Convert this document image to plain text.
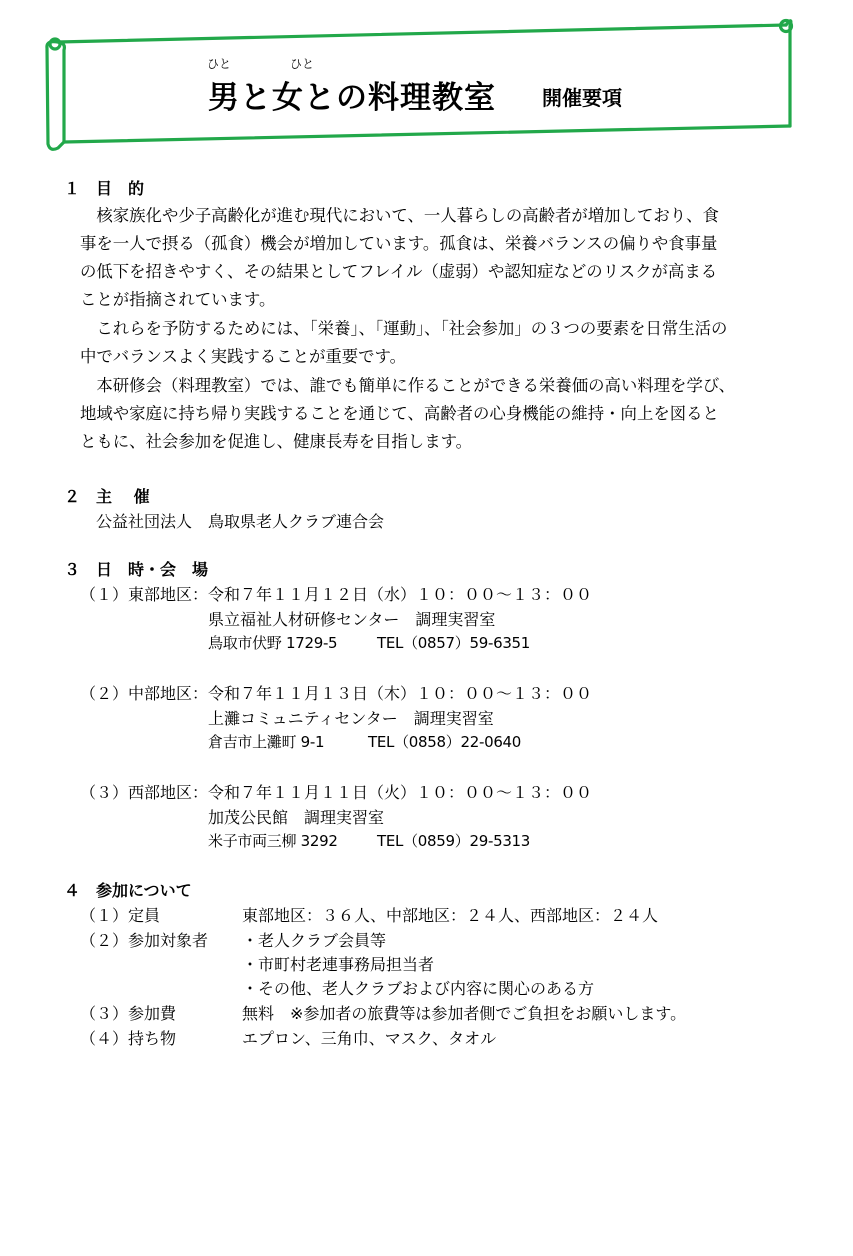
ひと	ひと
男と女との料理教室 開催要項
１　目　的
　核家族化や少子高齢化が進む現代において、一人暮らしの高齢者が増加しており、食
事を一人で摂る（孤食）機会が増加しています。孤食は、栄養バランスの偏りや食事量
の低下を招きやすく、その結果としてフレイル（虚弱）や認知症などのリスクが高まる
ことが指摘されています。
　これらを予防するためには、「栄養」、「運動」、「社会参加」の３つの要素を日常生活の
中でバランスよく実践することが重要です。
　本研修会（料理教室）では、誰でも簡単に作ることができる栄養価の高い料理を学び、
地域や家庭に持ち帰り実践することを通じて、高齢者の心身機能の維持・向上を図ると
ともに、社会参加を促進し、健康長寿を目指します。
２　主　 催
公益社団法人　鳥取県老人クラブ連合会
３　日　時・会　場
（１）東部地区： 令和７年１１月１２日（水）１０：００～１３：００
県立福祉人材研修センター　調理実習室
鳥取市伏野 1729-5	TEL（0857）59-6351
（２）中部地区： 令和７年１１月１３日（木）１０：００～１３：００
上灘コミュニティセンター　調理実習室
倉吉市上灘町 9-1	TEL（0858）22-0640
（３）西部地区： 令和７年１１月１１日（火）１０：００～１３：００
加茂公民館　調理実習室
米子市両三柳 3292	TEL（0859）29-5313
４　参加について
（１）定員	東部地区：３６人、中部地区：２４人、西部地区：２４人
（２）参加対象者 ・老人クラブ会員等
・市町村老連事務局担当者
・その他、老人クラブおよび内容に関心のある方
（３）参加費	無料　※参加者の旅費等は参加者側でご負担をお願いします。
（４）持ち物	エプロン、三角巾、マスク、タオル
